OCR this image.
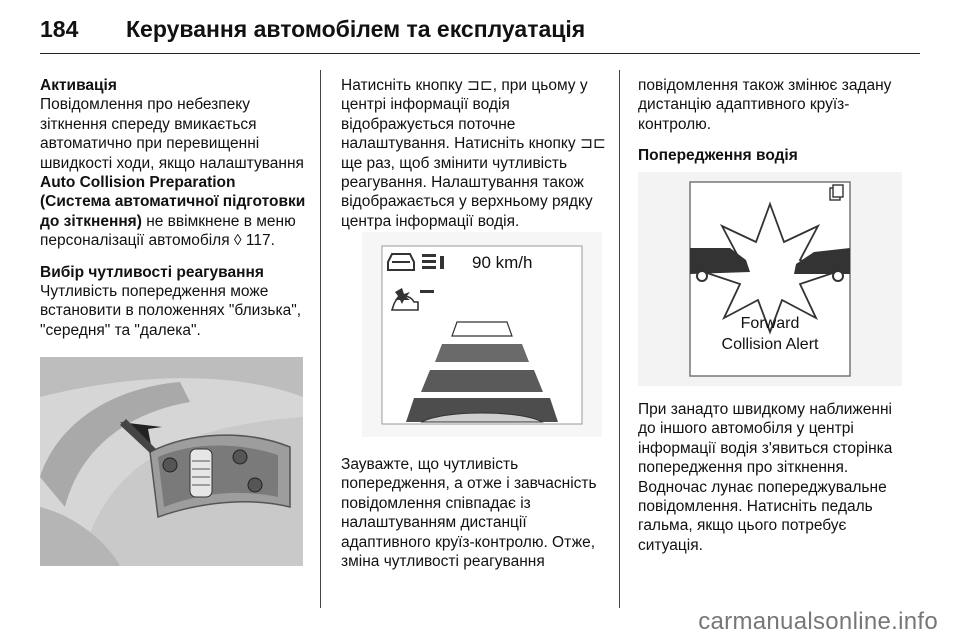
184 Керування автомобілем та експлуатація
Активація

Повідомлення про небезпеку зіткнення спереду вмикається автоматично при перевищенні швидкості ходи, якщо налаштування Auto Collision Preparation (Система автоматичної підготовки до зіткнення) не ввімкнене в меню персоналізації автомобіля ◊ 117.

Вибір чутливості реагування

Чутливість попередження може встановити в положеннях "близька", "середня" та "далека".

Натисніть кнопку ⊐⊏, при цьому у центрі інформації водія відображується поточне налаштування. Натисніть кнопку ⊐⊏ ще раз, щоб змінити чутливість реагування. Налаштування також відображається у верхньому рядку центра інформації водія.

90 km/h

Зауважте, що чутливість попередження, а отже і завчасність повідомлення співпадає із налаштуванням дистанції адаптивного круїз-контролю. Отже, зміна чутливості реагування

повідомлення також змінює задану дистанцію адаптивного круїз-контролю.

Попередження водія
Forward
Collision Alert

При занадто швидкому наближенні до іншого автомобіля у центрі інформації водія з'явиться сторінка попередження про зіткнення. Водночас лунає попереджувальне повідомлення. Натисніть педаль гальма, якщо цього потребує ситуація.

carmanualsonline.info
